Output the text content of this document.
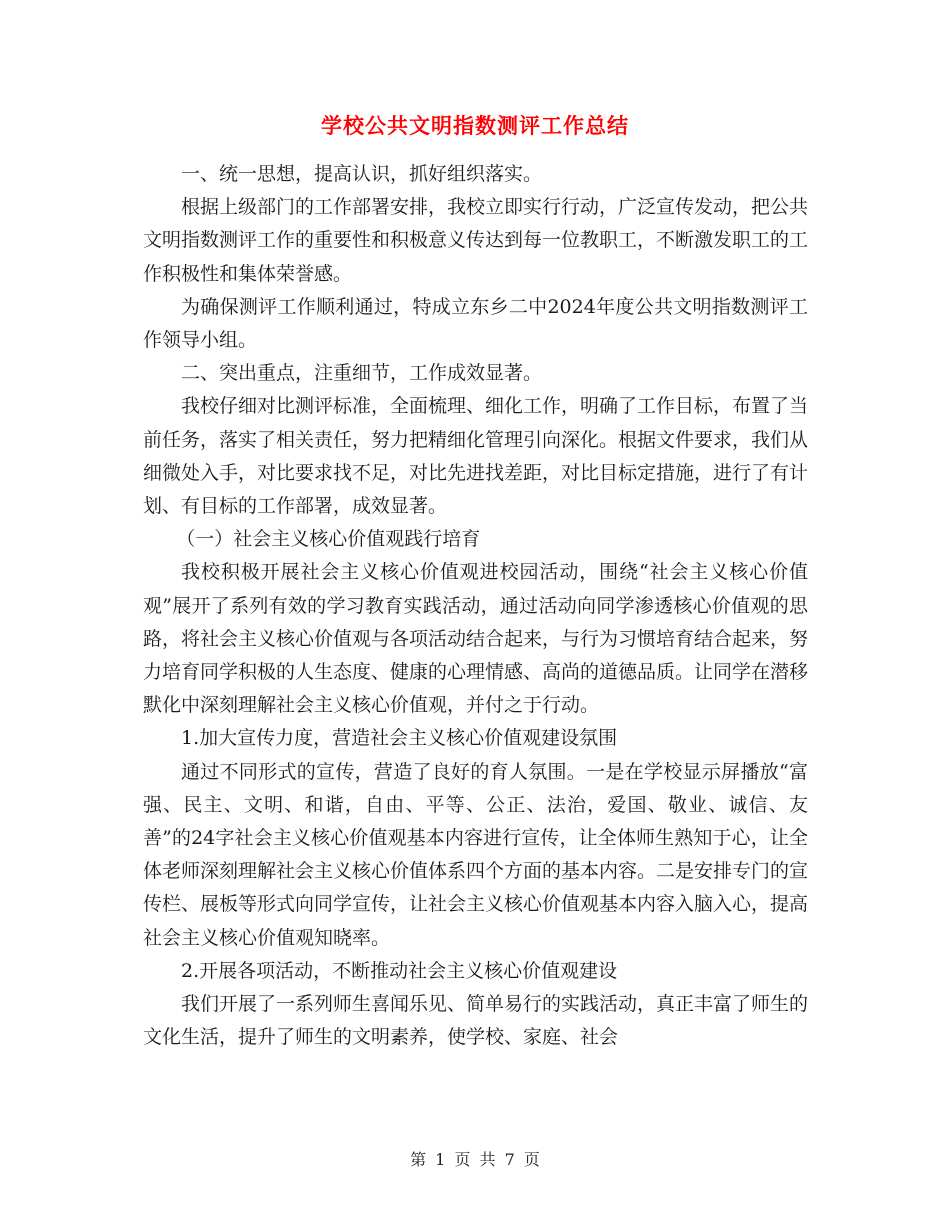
学校公共文明指数测评工作总结

一、统一思想，提高认识，抓好组织落实。

根据上级部门的工作部署安排，我校立即实行行动，广泛宣传发动，把公共文明指数测评工作的重要性和积极意义传达到每一位教职工，不断激发职工的工作积极性和集体荣誉感。

为确保测评工作顺利通过，特成立东乡二中2024年度公共文明指数测评工作领导小组。

二、突出重点，注重细节，工作成效显著。

我校仔细对比测评标准，全面梳理、细化工作，明确了工作目标，布置了当前任务，落实了相关责任，努力把精细化管理引向深化。根据文件要求，我们从细微处入手，对比要求找不足，对比先进找差距，对比目标定措施，进行了有计划、有目标的工作部署，成效显著。

（一）社会主义核心价值观践行培育

我校积极开展社会主义核心价值观进校园活动，围绕“社会主义核心价值观”展开了系列有效的学习教育实践活动，通过活动向同学渗透核心价值观的思路，将社会主义核心价值观与各项活动结合起来，与行为习惯培育结合起来，努力培育同学积极的人生态度、健康的心理情感、高尚的道德品质。让同学在潜移默化中深刻理解社会主义核心价值观，并付之于行动。

1.加大宣传力度，营造社会主义核心价值观建设氛围

通过不同形式的宣传，营造了良好的育人氛围。一是在学校显示屏播放“富强、民主、文明、和谐，自由、平等、公正、法治，爱国、敬业、诚信、友善”的24字社会主义核心价值观基本内容进行宣传，让全体师生熟知于心，让全体老师深刻理解社会主义核心价值体系四个方面的基本内容。二是安排专门的宣传栏、展板等形式向同学宣传，让社会主义核心价值观基本内容入脑入心，提高社会主义核心价值观知晓率。

2.开展各项活动，不断推动社会主义核心价值观建设

我们开展了一系列师生喜闻乐见、简单易行的实践活动，真正丰富了师生的文化生活，提升了师生的文明素养，使学校、家庭、社会

第 1 页 共 7 页
